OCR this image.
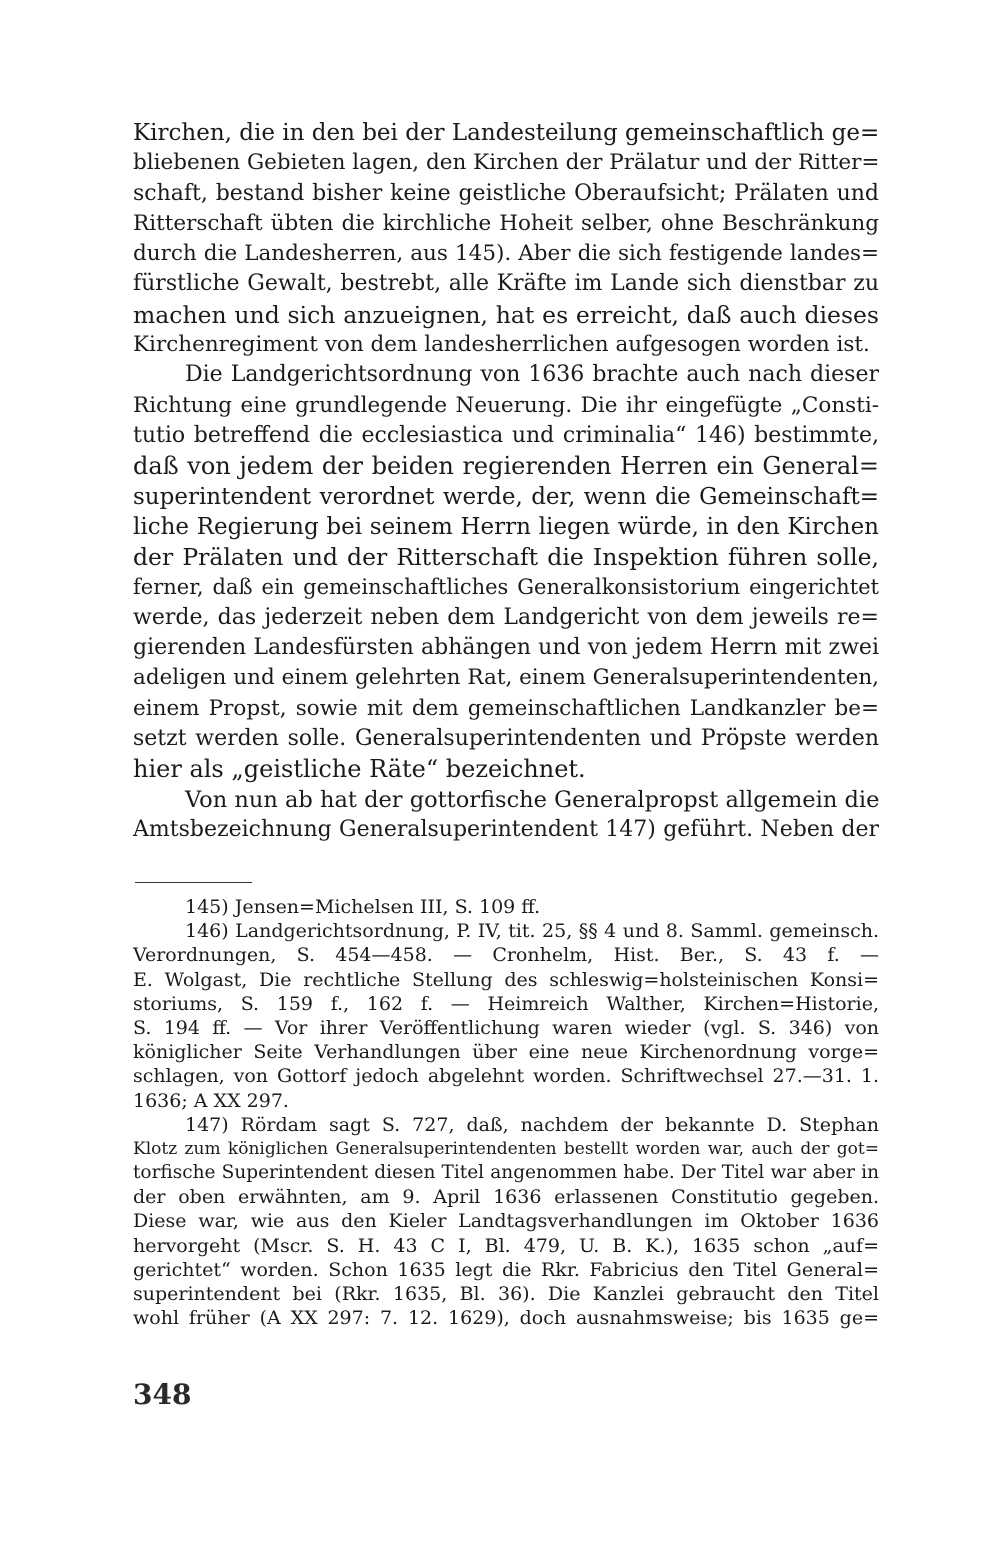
Kirchen, die in den bei der Landesteilung gemeinschaftlich ge=
bliebenen Gebieten lagen, den Kirchen der Prälatur und der Ritter=
schaft, bestand bisher keine geistliche Oberaufsicht; Prälaten und
Ritterschaft übten die kirchliche Hoheit selber, ohne Beschränkung
durch die Landesherren, aus 145). Aber die sich festigende landes=
fürstliche Gewalt, bestrebt, alle Kräfte im Lande sich dienstbar zu
machen und sich anzueignen, hat es erreicht, daß auch dieses
Kirchenregiment von dem landesherrlichen aufgesogen worden ist.
Die Landgerichtsordnung von 1636 brachte auch nach dieser
Richtung eine grundlegende Neuerung. Die ihr eingefügte „Consti-
tutio betreffend die ecclesiastica und criminalia“ 146) bestimmte,
daß von jedem der beiden regierenden Herren ein General=
superintendent verordnet werde, der, wenn die Gemeinschaft=
liche Regierung bei seinem Herrn liegen würde, in den Kirchen
der Prälaten und der Ritterschaft die Inspektion führen solle,
ferner, daß ein gemeinschaftliches Generalkonsistorium eingerichtet
werde, das jederzeit neben dem Landgericht von dem jeweils re=
gierenden Landesfürsten abhängen und von jedem Herrn mit zwei
adeligen und einem gelehrten Rat, einem Generalsuperintendenten,
einem Propst, sowie mit dem gemeinschaftlichen Landkanzler be=
setzt werden solle. Generalsuperintendenten und Pröpste werden
hier als „geistliche Räte“ bezeichnet.
Von nun ab hat der gottorfische Generalpropst allgemein die
Amtsbezeichnung Generalsuperintendent 147) geführt. Neben der
145) Jensen=Michelsen III, S. 109 ff.
146) Landgerichtsordnung, P. IV, tit. 25, §§ 4 und 8. Samml. gemeinsch.
Verordnungen, S. 454—458. — Cronhelm, Hist. Ber., S. 43 f. —
E. Wolgast, Die rechtliche Stellung des schleswig=holsteinischen Konsi=
storiums, S. 159 f., 162 f. — Heimreich Walther, Kirchen=Historie,
S. 194 ff. — Vor ihrer Veröffentlichung waren wieder (vgl. S. 346) von
königlicher Seite Verhandlungen über eine neue Kirchenordnung vorge=
schlagen, von Gottorf jedoch abgelehnt worden. Schriftwechsel 27.—31. 1.
1636; A XX 297.
147) Rördam sagt S. 727, daß, nachdem der bekannte D. Stephan
Klotz zum königlichen Generalsuperintendenten bestellt worden war, auch der got=
torfische Superintendent diesen Titel angenommen habe. Der Titel war aber in
der oben erwähnten, am 9. April 1636 erlassenen Constitutio gegeben.
Diese war, wie aus den Kieler Landtagsverhandlungen im Oktober 1636
hervorgeht (Mscr. S. H. 43 C I, Bl. 479, U. B. K.), 1635 schon „auf=
gerichtet“ worden. Schon 1635 legt die Rkr. Fabricius den Titel General=
superintendent bei (Rkr. 1635, Bl. 36). Die Kanzlei gebraucht den Titel
wohl früher (A XX 297: 7. 12. 1629), doch ausnahmsweise; bis 1635 ge=
348
